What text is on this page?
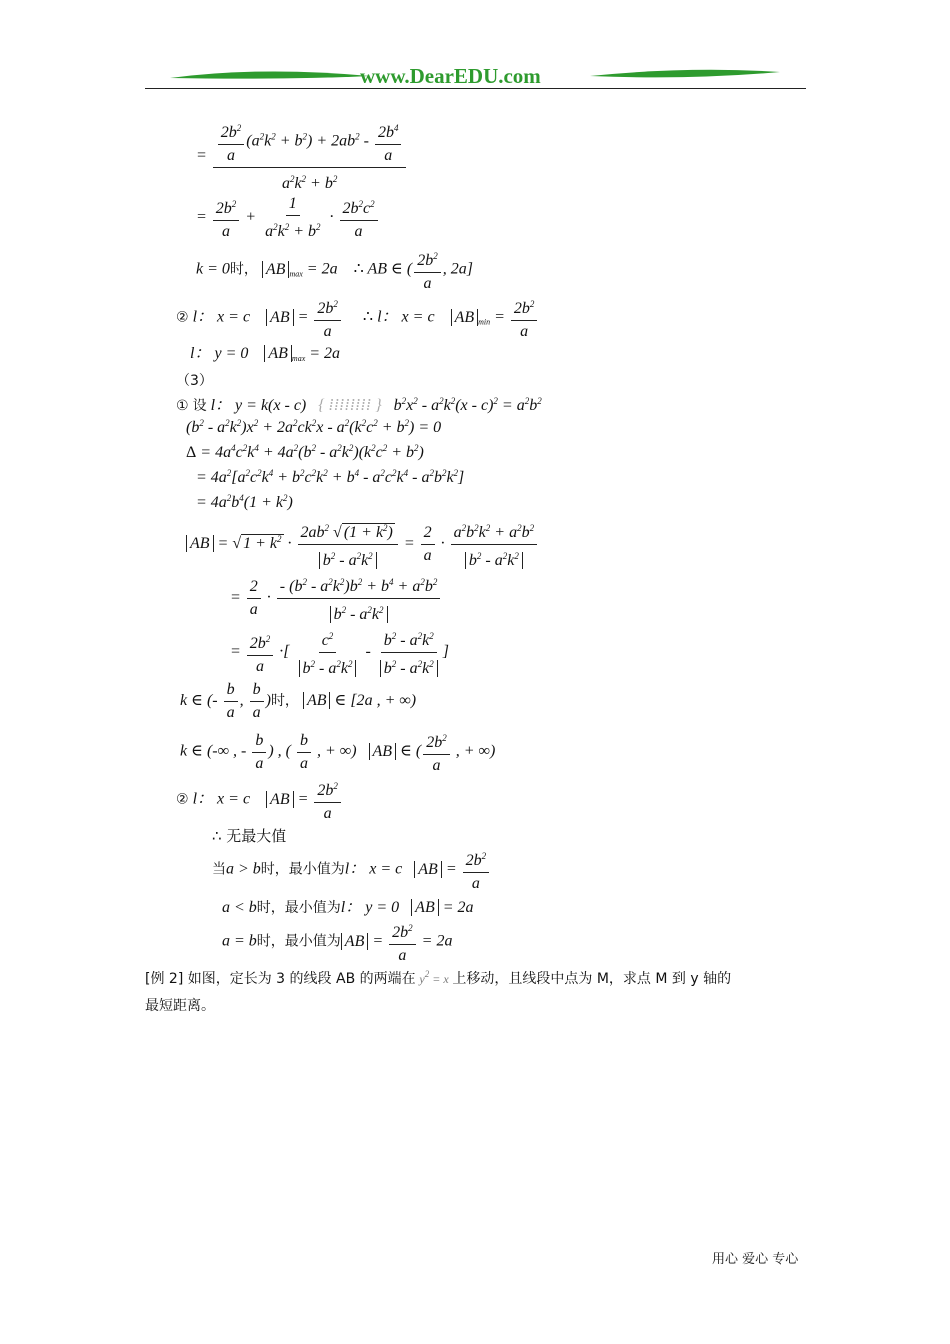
www.DearEDU.com
= $\frac{\frac{2b^2}{a} (a^2k^2 + b^2) + 2ab^2 - \frac{2b^4}{a}}{a^2k^2 + b^2}$
= $\frac{2b^2}{a} + \frac{1}{a^2k^2 + b^2} \cdot \frac{2b^2c^2}{a}$
k = 0时， AB $_{max}$ = 2a ∴ AB ∈ ( $\frac{2b^2}{a}$ , 2a]
② l： x = c AB = $\frac{2b^2}{a}$ ∴ l： x = c AB $_{min} = \frac{2b^2}{a}$
l： y = 0    AB $_{max}$ = 2a
（3）
① 设 l： y = k(x - c)   { ⁞⁞⁞⁞⁞⁞⁞⁞ } $b^2x^2 - a^2k^2(x - c)^2 = a^2b^2$
$(b^2 - a^2k^2)x^2 + 2a^2ck^2x - a^2(k^2c^2 + b^2) = 0$
$\Delta = 4a^4c^2k^4 + 4a^2(b^2 - a^2k^2)(k^2c^2 + b^2)$
= $4a^2[a^2c^2k^4 + b^2c^2k^2 + b^4 - a^2c^2k^4 - a^2b^2k^2]$
= $4a^2b^4(1 + k^2)$
AB = √ $1 + k^2 \cdot \frac{2ab^2 √ (1 + k^2)}{b^2 - a^2k^2} = \frac{2}{a} \cdot \frac{a^2b^2k^2 + a^2b^2}{b^2 - a^2k^2}$
= $\frac{2}{a} \cdot \frac{- (b^2 - a^2k^2)b^2 + b^4 + a^2b^2}{b^2 - a^2k^2}$
= $\frac{2b^2}{a}$ ·[ $\frac{c^2}{b^2 - a^2k^2} - \frac{b^2 - a^2k^2}{b^2 - a^2k^2}$ ]
k ∈ (- $\frac{b}{a}$ , $\frac{b}{a}$ )时， AB ∈ [2a , + ∞)
k ∈ (-∞ , - $\frac{b}{a}$ ) , ( $\frac{b}{a}$ , + ∞)   AB ∈ ( $\frac{2b^2}{a}$ , + ∞)
② l： x = c AB = $\frac{2b^2}{a}$
∴ 无最大值
当a > b时，最小值为l： x = c AB = $\frac{2b^2}{a}$
a < b时，最小值为l： y = 0   AB = 2a
a = b时，最小值为 AB = $\frac{2b^2}{a} = 2a$
[例 2] 如图，定长为 3 的线段 AB 的两端在 $y^2 = x$ 上移动，且线段中点为 M，求点 M 到 y 轴的
最短距离。
用心 爱心 专心
